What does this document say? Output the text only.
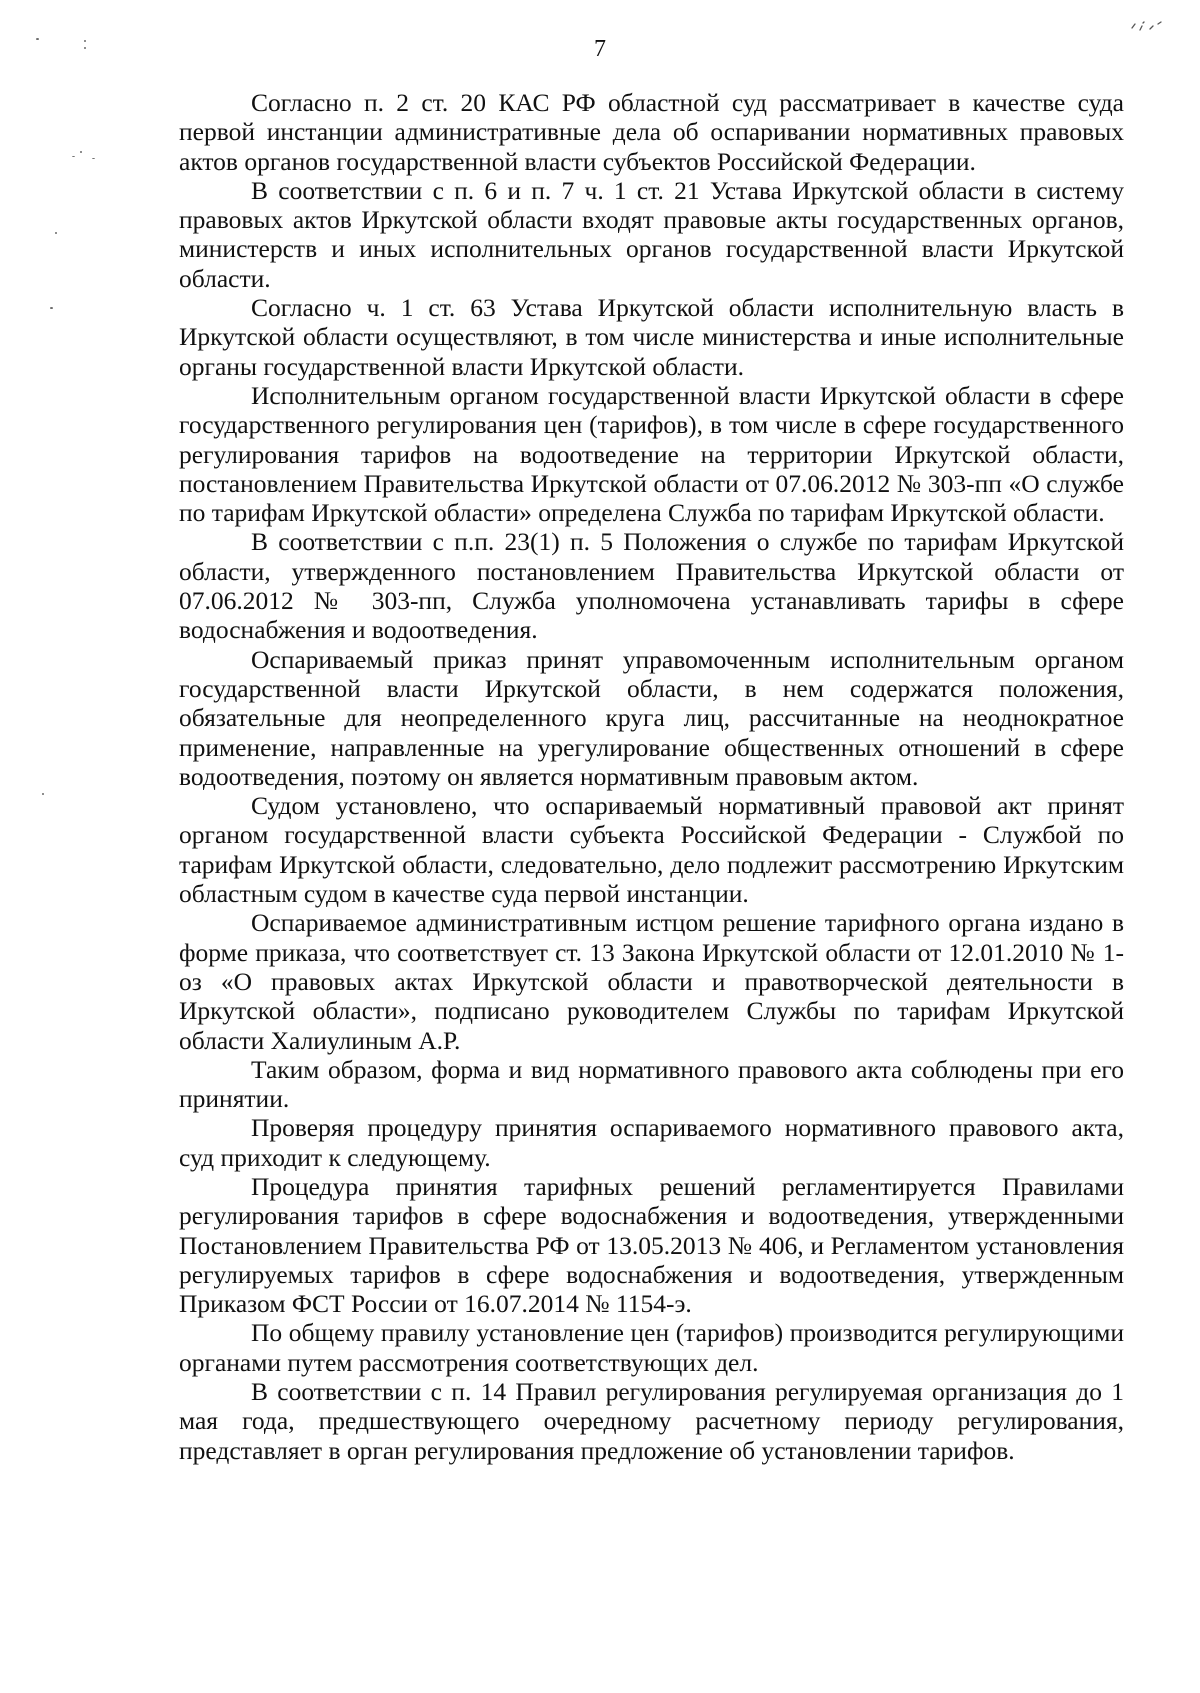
7

Согласно п. 2 ст. 20 КАС РФ областной суд рассматривает в качестве суда первой инстанции административные дела об оспаривании нормативных правовых актов органов государственной власти субъектов Российской Федерации.

В соответствии с п. 6 и п. 7 ч. 1 ст. 21 Устава Иркутской области в систему правовых актов Иркутской области входят правовые акты государственных органов, министерств и иных исполнительных органов государственной власти Иркутской области.

Согласно ч. 1 ст. 63 Устава Иркутской области исполнительную власть в Иркутской области осуществляют, в том числе министерства и иные исполнительные органы государственной власти Иркутской области.

Исполнительным органом государственной власти Иркутской области в сфере государственного регулирования цен (тарифов), в том числе в сфере государственного регулирования тарифов на водоотведение на территории Иркутской области, постановлением Правительства Иркутской области от 07.06.2012 № 303-пп «О службе по тарифам Иркутской области» определена Служба по тарифам Иркутской области.

В соответствии с п.п. 23(1) п. 5 Положения о службе по тарифам Иркутской области, утвержденного постановлением Правительства Иркутской области от 07.06.2012 № 303-пп, Служба уполномочена устанавливать тарифы в сфере водоснабжения и водоотведения.

Оспариваемый приказ принят управомоченным исполнительным органом государственной власти Иркутской области, в нем содержатся положения, обязательные для неопределенного круга лиц, рассчитанные на неоднократное применение, направленные на урегулирование общественных отношений в сфере водоотведения, поэтому он является нормативным правовым актом.

Судом установлено, что оспариваемый нормативный правовой акт принят органом государственной власти субъекта Российской Федерации - Службой по тарифам Иркутской области, следовательно, дело подлежит рассмотрению Иркутским областным судом в качестве суда первой инстанции.

Оспариваемое административным истцом решение тарифного органа издано в форме приказа, что соответствует ст. 13 Закона Иркутской области от 12.01.2010 № 1-оз «О правовых актах Иркутской области и правотворческой деятельности в Иркутской области», подписано руководителем Службы по тарифам Иркутской области Халиулиным А.Р.

Таким образом, форма и вид нормативного правового акта соблюдены при его принятии.

Проверяя процедуру принятия оспариваемого нормативного правового акта, суд приходит к следующему.

Процедура принятия тарифных решений регламентируется Правилами регулирования тарифов в сфере водоснабжения и водоотведения, утвержденными Постановлением Правительства РФ от 13.05.2013 № 406, и Регламентом установления регулируемых тарифов в сфере водоснабжения и водоотведения, утвержденным Приказом ФСТ России от 16.07.2014 № 1154-э.

По общему правилу установление цен (тарифов) производится регулирующими органами путем рассмотрения соответствующих дел.

В соответствии с п. 14 Правил регулирования регулируемая организация до 1 мая года, предшествующего очередному расчетному периоду регулирования, представляет в орган регулирования предложение об установлении тарифов.
